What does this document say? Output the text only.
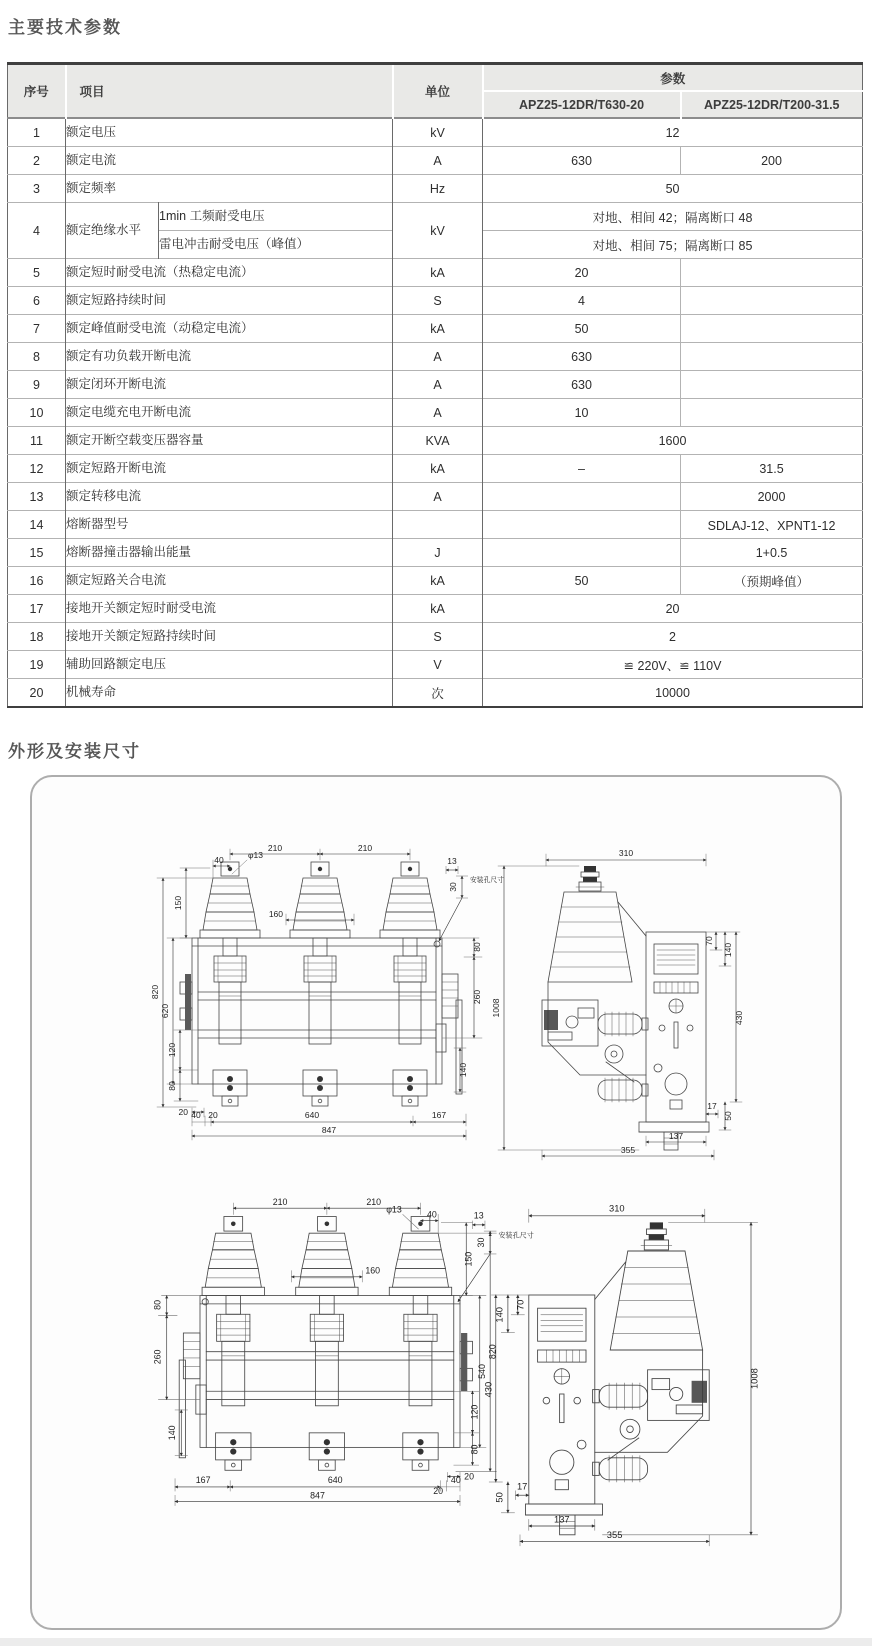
主要技术参数
序号	项目		单位	参数	
				APZ25-12DR/T630-20	APZ25-12DR/T200-31.5
1	额定电压		kV	12	
2	额定电流		A	630	200
3	额定频率		Hz	50	
4	额定绝缘水平	1min 工频耐受电压	kV	对地、相间 42；隔离断口 48	
		雷电冲击耐受电压（峰值）		对地、相间 75；隔离断口 85	
5	额定短时耐受电流（热稳定电流）		kA	20	
6	额定短路持续时间		S	4	
7	额定峰值耐受电流（动稳定电流）		kA	50	
8	额定有功负载开断电流		A	630	
9	额定闭环开断电流		A	630	
10	额定电缆充电开断电流		A	10	
11	额定开断空载变压器容量		KVA	1600	
12	额定短路开断电流		kA	–	31.5
13	额定转移电流		A		2000
14	熔断器型号				SDLAJ-12、XPNT1-12
15	熔断器撞击器输出能量		J		1+0.5
16	额定短路关合电流		kA	50	（预期峰值）
17	接地开关额定短时耐受电流		kA	20	
18	接地开关额定短路持续时间		S	2	
19	辅助回路额定电压		V	≌ 220V、≌ 110V	
20	机械寿命		次	10000	
外形及安装尺寸
210	210
40	φ13
150
160
620
820
120
80
20 40 20	640	167
847
13
安装孔尺寸
30
80
260
140
310
1008
70
140
430
17
50
137
355
210
210
40
φ13
150
160
540
820
120
80
20
40
20
640
167
847
13
安装孔尺寸
30
80
260
140
310
1008
70
140
430
17
50
137
355
